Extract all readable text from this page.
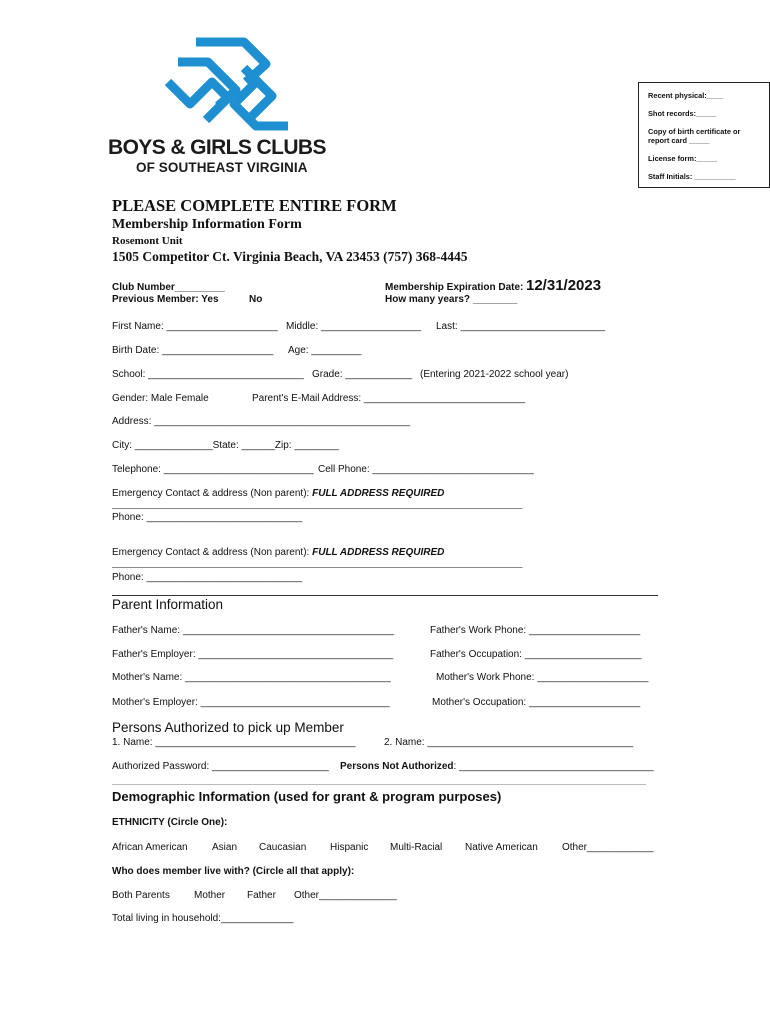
BOYS & GIRLS CLUBS
OF SOUTHEAST VIRGINIA
Recent physical:____
Shot records:_____
Copy of birth certificate or
report card _____
License form:_____
Staff Initials: __________
PLEASE COMPLETE ENTIRE FORM
Membership Information Form
Rosemont Unit
1505 Competitor Ct. Virginia Beach, VA 23453 (757) 368-4445
Club Number_________
Previous Member: Yes	No
Membership Expiration Date: 12/31/2023
How many years? ________
First Name: ____________________ Middle: __________________ Last: __________________________
Birth Date: ____________________ Age: _________
School: ____________________________ Grade: ____________ (Entering 2021-2022 school year)
Gender: Male Female	Parent's E-Mail Address: _____________________________
Address: ______________________________________________
City: ______________State: ______Zip: ________
Telephone: ___________________________ Cell Phone: _____________________________
Emergency Contact & address (Non parent): FULL ADDRESS REQUIRED
__________________________________________________________________________________
Phone: ____________________________
Emergency Contact & address (Non parent): FULL ADDRESS REQUIRED
__________________________________________________________________________________
Phone: ____________________________
Parent Information
Father's Name: ______________________________________	Father's Work Phone: ____________________
Father's Employer: ___________________________________	Father's Occupation: _____________________
Mother's Name: _____________________________________	Mother's Work Phone: ____________________
Mother's Employer: __________________________________	Mother's Occupation: ____________________
Persons Authorized to pick up Member
1. Name: ____________________________________	2. Name: _____________________________________
Authorized Password: _____________________ Persons Not Authorized: ___________________________________
Demographic Information (used for grant & program purposes)
ETHNICITY (Circle One):
African American Asian Caucasian Hispanic Multi-Racial Native American Other____________
Who does member live with? (Circle all that apply):
Both Parents Mother Father Other______________
Total living in household:_____________
